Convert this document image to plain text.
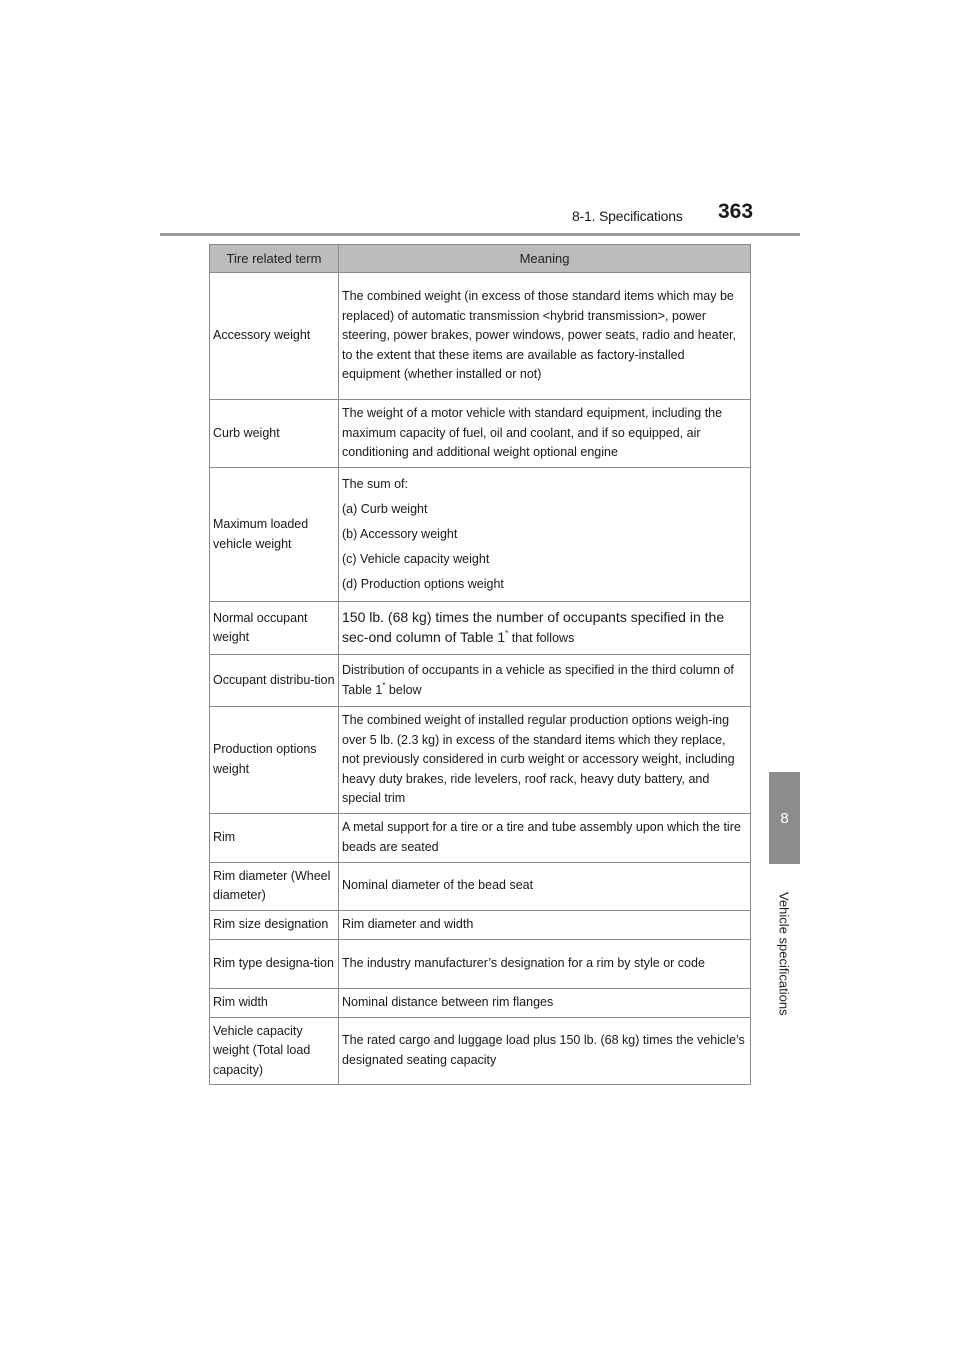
8-1. Specifications 363
8
Vehicle specifications
Tire related term	Meaning
Accessory weight	The combined weight (in excess of those standard items which may be replaced) of automatic transmission <hybrid transmission>, power steering, power brakes, power windows, power seats, radio and heater, to the extent that these items are available as factory-installed equipment (whether installed or not)
Curb weight	The weight of a motor vehicle with standard equipment, including the maximum capacity of fuel, oil and coolant, and if so equipped, air conditioning and additional weight optional engine
Maximum loaded vehicle weight	The sum of:
(a) Curb weight
(b) Accessory weight
(c) Vehicle capacity weight
(d) Production options weight

Normal occupant weight	150 lb. (68 kg) times the number of occupants specified in the sec-ond column of Table 1* that follows
Occupant distribu-tion	Distribution of occupants in a vehicle as specified in the third column of Table 1* below
Production options weight	The combined weight of installed regular production options weigh-ing over 5 lb. (2.3 kg) in excess of the standard items which they replace, not previously considered in curb weight or accessory weight, including heavy duty brakes, ride levelers, roof rack, heavy duty battery, and special trim
Rim	A metal support for a tire or a tire and tube assembly upon which the tire beads are seated
Rim diameter (Wheel diameter)	Nominal diameter of the bead seat
Rim size designation	Rim diameter and width
Rim type designa-tion	The industry manufacturer’s designation for a rim by style or code
Rim width	Nominal distance between rim flanges
Vehicle capacity weight (Total load capacity)	The rated cargo and luggage load plus 150 lb. (68 kg) times the vehicle’s designated seating capacity
